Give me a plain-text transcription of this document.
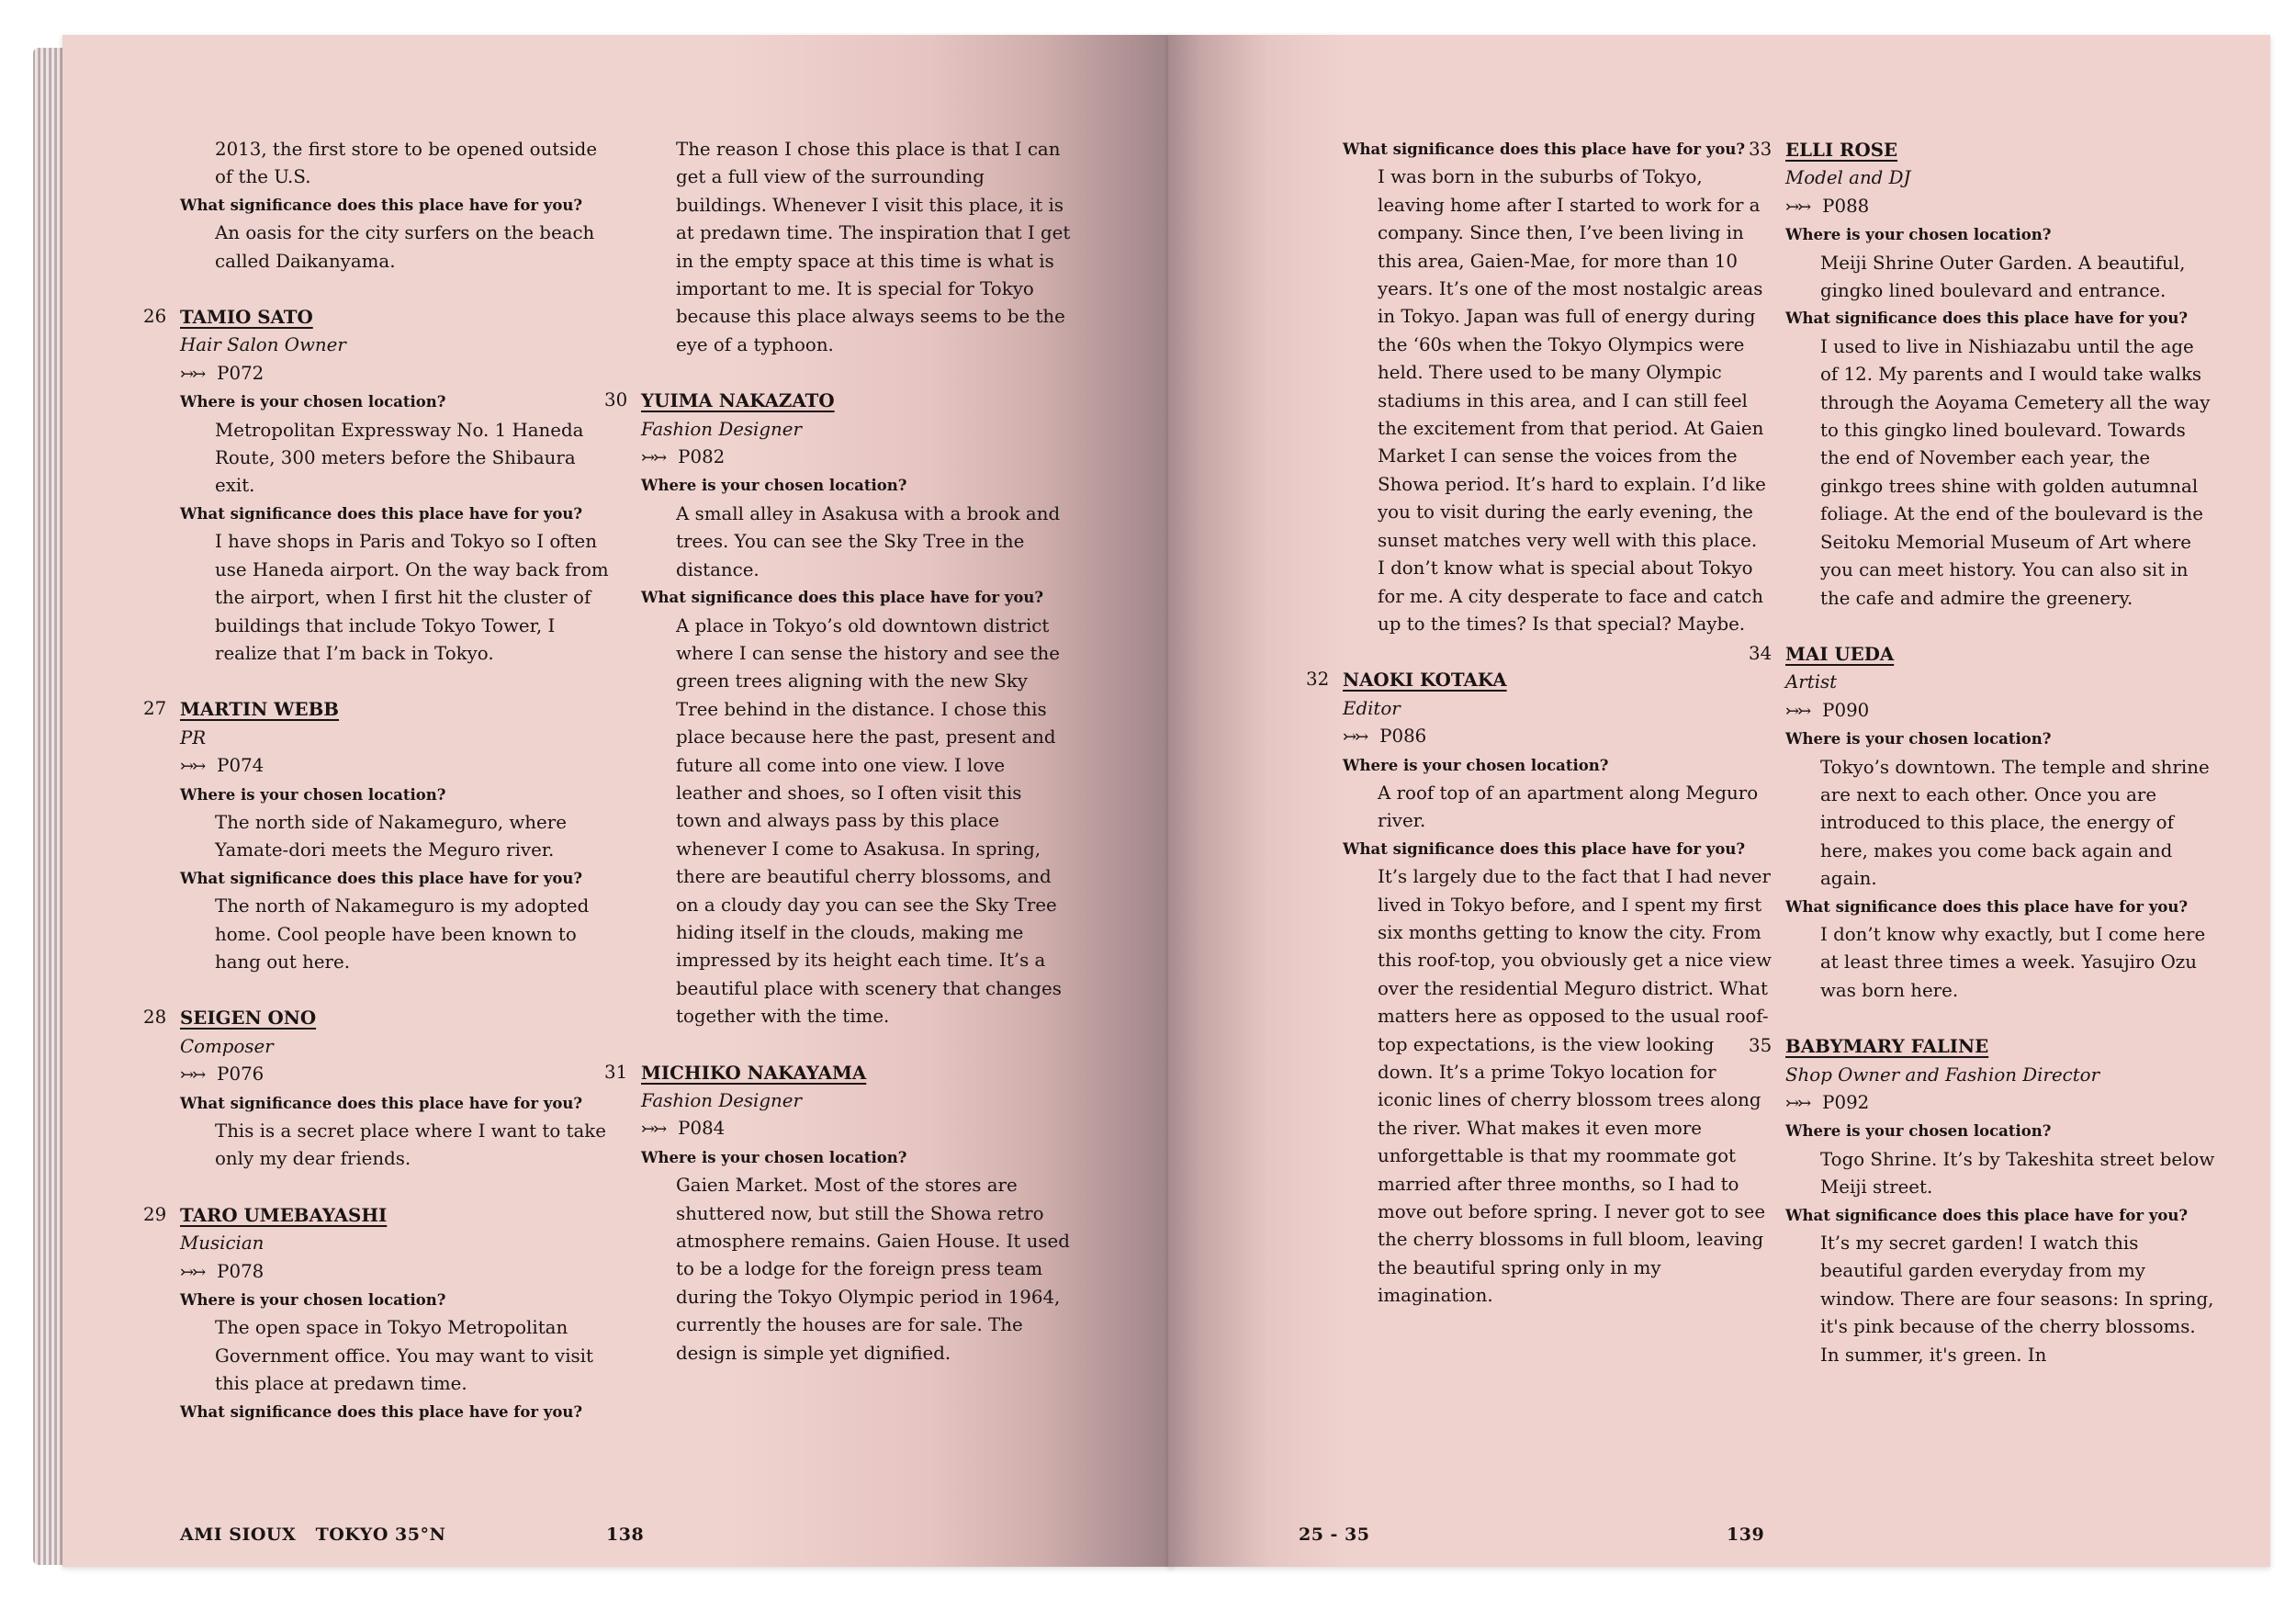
2013, the first store to be opened outside of the U.S.

What significance does this place have for you?

An oasis for the city surfers on the beach called Daikanyama.

26 TAMIO SATO
Hair Salon Owner
↣↣ P072

Where is your chosen location?

Metropolitan Expressway No. 1 Haneda Route, 300 meters before the Shibaura exit.

What significance does this place have for you?

I have shops in Paris and Tokyo so I often use Haneda airport. On the way back from the airport, when I first hit the cluster of buildings that include Tokyo Tower, I realize that I’m back in Tokyo.

27 MARTIN WEBB
PR
↣↣ P074

Where is your chosen location?

The north side of Nakameguro, where Yamate-dori meets the Meguro river.

What significance does this place have for you?

The north of Nakameguro is my adopted home. Cool people have been known to hang out here.

28 SEIGEN ONO
Composer
↣↣ P076

What significance does this place have for you?

This is a secret place where I want to take only my dear friends.

29 TARO UMEBAYASHI
Musician
↣↣ P078

Where is your chosen location?

The open space in Tokyo Metropolitan Government office. You may want to visit this place at predawn time.

What significance does this place have for you?

The reason I chose this place is that I can get a full view of the surrounding buildings. Whenever I visit this place, it is at predawn time. The inspiration that I get in the empty space at this time is what is important to me. It is special for Tokyo because this place always seems to be the eye of a typhoon.

30 YUIMA NAKAZATO
Fashion Designer
↣↣ P082

Where is your chosen location?

A small alley in Asakusa with a brook and trees. You can see the Sky Tree in the distance.

What significance does this place have for you?

A place in Tokyo’s old downtown district where I can sense the history and see the green trees aligning with the new Sky Tree behind in the distance. I chose this place because here the past, present and future all come into one view. I love leather and shoes, so I often visit this town and always pass by this place whenever I come to Asakusa. In spring, there are beautiful cherry blossoms, and on a cloudy day you can see the Sky Tree hiding itself in the clouds, making me impressed by its height each time. It’s a beautiful place with scenery that changes together with the time.

31 MICHIKO NAKAYAMA
Fashion Designer
↣↣ P084

Where is your chosen location?

Gaien Market. Most of the stores are shuttered now, but still the Showa retro atmosphere remains. Gaien House. It used to be a lodge for the foreign press team during the Tokyo Olympic period in 1964, currently the houses are for sale. The design is simple yet dignified.

AMI SIOUX TOKYO 35°N	138

What significance does this place have for you?

I was born in the suburbs of Tokyo, leaving home after I started to work for a company. Since then, I’ve been living in this area, Gaien-Mae, for more than 10 years. It’s one of the most nostalgic areas in Tokyo. Japan was full of energy during the ‘60s when the Tokyo Olympics were held. There used to be many Olympic stadiums in this area, and I can still feel the excitement from that period. At Gaien Market I can sense the voices from the Showa period. It’s hard to explain. I’d like you to visit during the early evening, the sunset matches very well with this place.

I don’t know what is special about Tokyo for me. A city desperate to face and catch up to the times? Is that special? Maybe.

32 NAOKI KOTAKA
Editor
↣↣ P086

Where is your chosen location?

A roof top of an apartment along Meguro river.

What significance does this place have for you?

It’s largely due to the fact that I had never lived in Tokyo before, and I spent my first six months getting to know the city. From this roof-top, you obviously get a nice view over the residential Meguro district. What matters here as opposed to the usual roof-top expectations, is the view looking down. It’s a prime Tokyo location for iconic lines of cherry blossom trees along the river. What makes it even more unforgettable is that my roommate got married after three months, so I had to move out before spring. I never got to see the cherry blossoms in full bloom, leaving the beautiful spring only in my imagination.

33 ELLI ROSE
Model and DJ
↣↣ P088

Where is your chosen location?

Meiji Shrine Outer Garden. A beautiful, gingko lined boulevard and entrance.

What significance does this place have for you?

I used to live in Nishiazabu until the age of 12. My parents and I would take walks through the Aoyama Cemetery all the way to this gingko lined boulevard. Towards the end of November each year, the ginkgo trees shine with golden autumnal foliage. At the end of the boulevard is the Seitoku Memorial Museum of Art where you can meet history. You can also sit in the cafe and admire the greenery.

34 MAI UEDA
Artist
↣↣ P090

Where is your chosen location?

Tokyo’s downtown. The temple and shrine are next to each other. Once you are introduced to this place, the energy of here, makes you come back again and again.

What significance does this place have for you?

I don’t know why exactly, but I come here at least three times a week. Yasujiro Ozu was born here.

35 BABYMARY FALINE
Shop Owner and Fashion Director
↣↣ P092

Where is your chosen location?

Togo Shrine. It’s by Takeshita street below Meiji street.

What significance does this place have for you?

It’s my secret garden! I watch this beautiful garden everyday from my window. There are four seasons: In spring, it's pink because of the cherry blossoms. In summer, it's green. In

25 - 35	139
